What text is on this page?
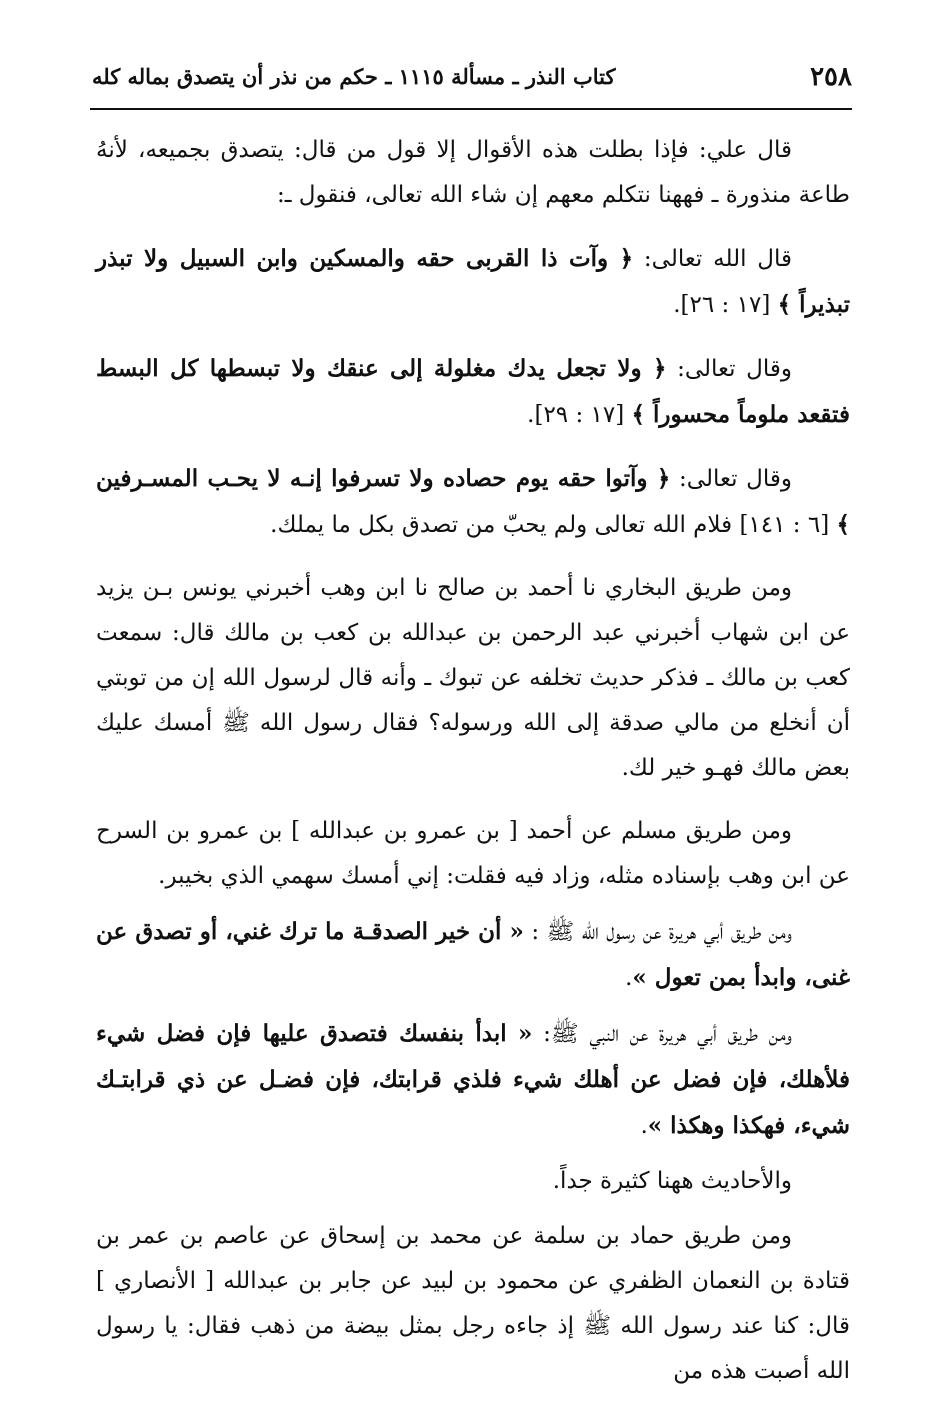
٢٥٨
كتاب النذر ـ مسألة ١١١٥ ـ حكم من نذر أن يتصدق بماله كله

قال علي: فإذا بطلت هذه الأقوال إلا قول من قال: يتصدق بجميعه، لأنهُ طاعة منذورة ـ فههنا نتكلم معهم إن شاء الله تعالى، فنقول ـ:

قال الله تعالى: ﴿ وآت ذا القربى حقه والمسكين وابن السبيل ولا تبذر تبذيراً ﴾ [١٧ : ٢٦].

وقال تعالى: ﴿ ولا تجعل يدك مغلولة إلى عنقك ولا تبسطها كل البسط فتقعد ملوماً محسوراً ﴾ [١٧ : ٢٩].

وقال تعالى: ﴿ وآتوا حقه يوم حصاده ولا تسرفوا إنـه لا يحـب المسـرفين ﴾ [٦ : ١٤١] فلام الله تعالى ولم يحبّ من تصدق بكل ما يملك.

ومن طريق البخاري نا أحمد بن صالح نا ابن وهب أخبرني يونس بـن يزيد عن ابن شهاب أخبرني عبد الرحمن بن عبدالله بن كعب بن مالك قال: سمعت كعب بن مالك ـ فذكر حديث تخلفه عن تبوك ـ وأنه قال لرسول الله إن من توبتي أن أنخلع من مالي صدقة إلى الله ورسوله؟ فقال رسول الله ﷺ أمسك عليك بعض مالك فهـو خير لك.

ومن طريق مسلم عن أحمد [ بن عمرو بن عبدالله ] بن عمرو بن السرح عن ابن وهب بإسناده مثله، وزاد فيه فقلت: إني أمسك سهمي الذي بخيبر.

ومن طريق أبي هريرة عن رسول الله ﷺ : « أن خير الصدقـة ما ترك غني، أو تصدق عن غنى، وابدأ بمن تعول ».

ومن طريق أبي هريرة عن النبي ﷺ: « ابدأ بنفسك فتصدق عليها فإن فضل شيء فلأهلك، فإن فضل عن أهلك شيء فلذي قرابتك، فإن فضـل عن ذي قرابتـك شيء، فهكذا وهكذا ».

والأحاديث ههنا كثيرة جداً.

ومن طريق حماد بن سلمة عن محمد بن إسحاق عن عاصم بن عمر بن قتادة بن النعمان الظفري عن محمود بن لبيد عن جابر بن عبدالله [ الأنصاري ] قال: كنا عند رسول الله ﷺ إذ جاءه رجل بمثل بيضة من ذهب فقال: يا رسول الله أصبت هذه من
